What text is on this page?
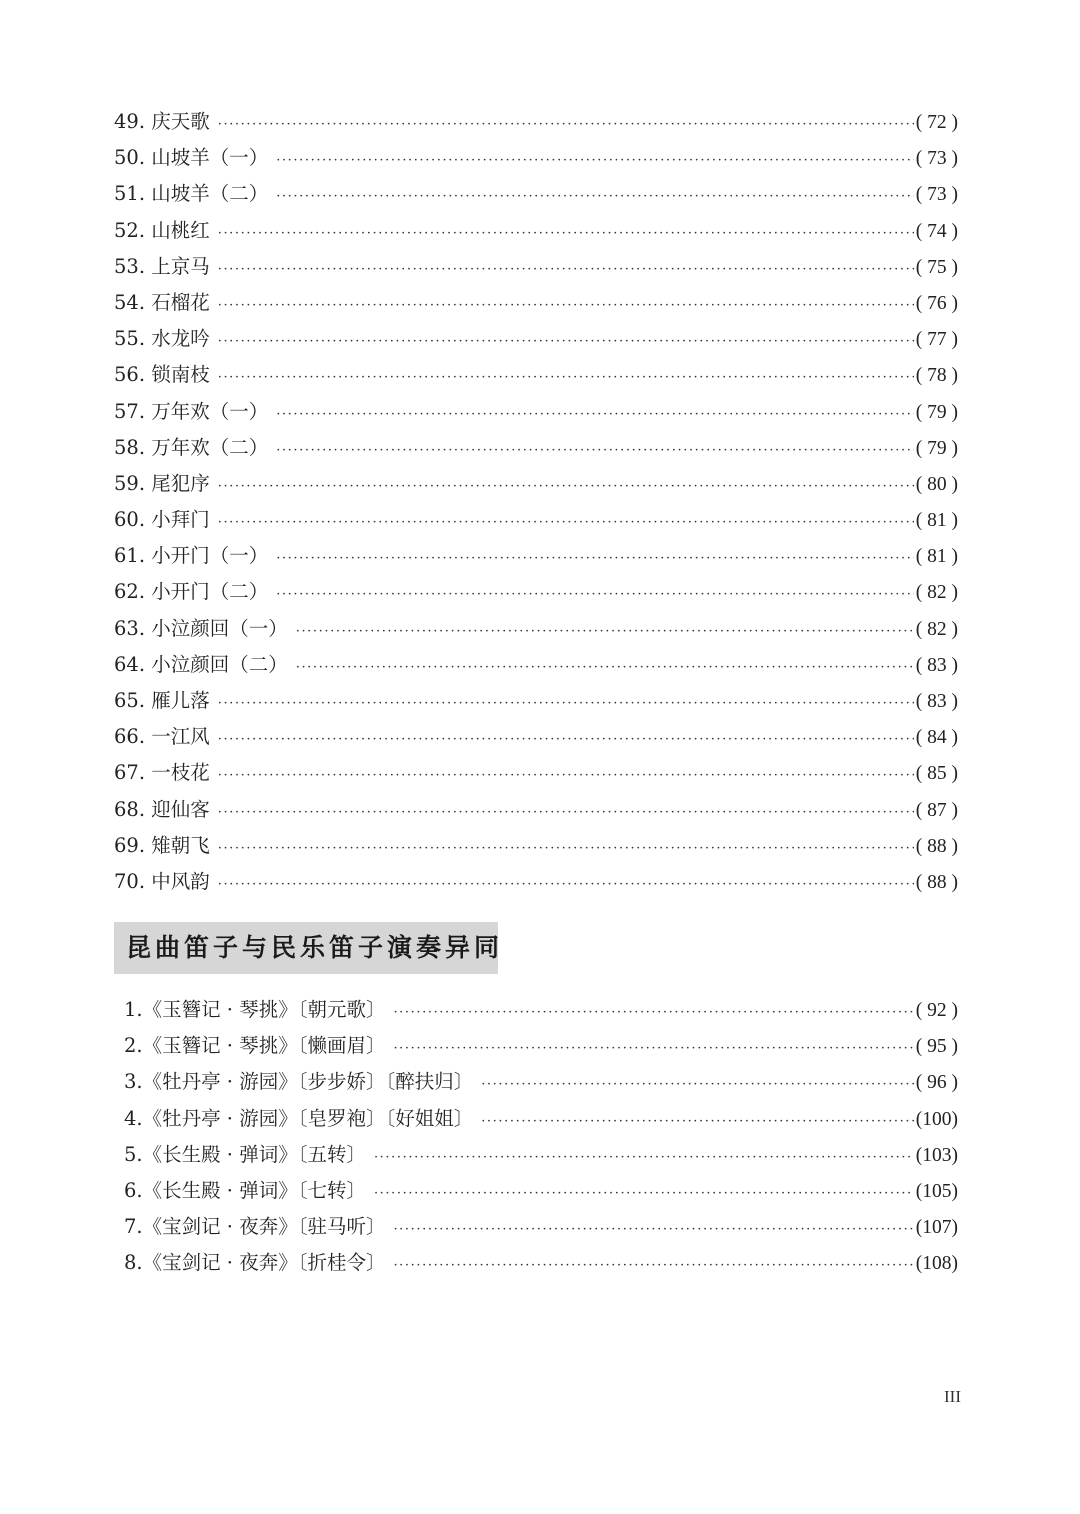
49. 庆天歌 ·····	( 72 )
50. 山坡羊（一） ·····	( 73 )
51. 山坡羊（二） ·····	( 73 )
52. 山桃红 ·····	( 74 )
53. 上京马 ·····	( 75 )
54. 石榴花 ·····	( 76 )
55. 水龙吟 ·····	( 77 )
56. 锁南枝 ·····	( 78 )
57. 万年欢（一） ·····	( 79 )
58. 万年欢（二） ·····	( 79 )
59. 尾犯序 ·····	( 80 )
60. 小拜门 ·····	( 81 )
61. 小开门（一） ·····	( 81 )
62. 小开门（二） ·····	( 82 )
63. 小泣颜回（一） ·····	( 82 )
64. 小泣颜回（二） ·····	( 83 )
65. 雁儿落 ·····	( 83 )
66. 一江风 ·····	( 84 )
67. 一枝花 ·····	( 85 )
68. 迎仙客 ·····	( 87 )
69. 雉朝飞 ·····	( 88 )
70. 中风韵 ·····	( 88 )
昆曲笛子与民乐笛子演奏异同
1.《玉簪记 · 琴挑》〔朝元歌〕 ·····	( 92 )
2.《玉簪记 · 琴挑》〔懒画眉〕 ·····	( 95 )
3.《牡丹亭 · 游园》〔步步娇〕〔醉扶归〕 ·····	( 96 )
4.《牡丹亭 · 游园》〔皂罗袍〕〔好姐姐〕 ·····	(100)
5.《长生殿 · 弹词》〔五转〕 ·····	(103)
6.《长生殿 · 弹词》〔七转〕 ·····	(105)
7.《宝剑记 · 夜奔》〔驻马听〕 ·····	(107)
8.《宝剑记 · 夜奔》〔折桂令〕 ·····	(108)
III
